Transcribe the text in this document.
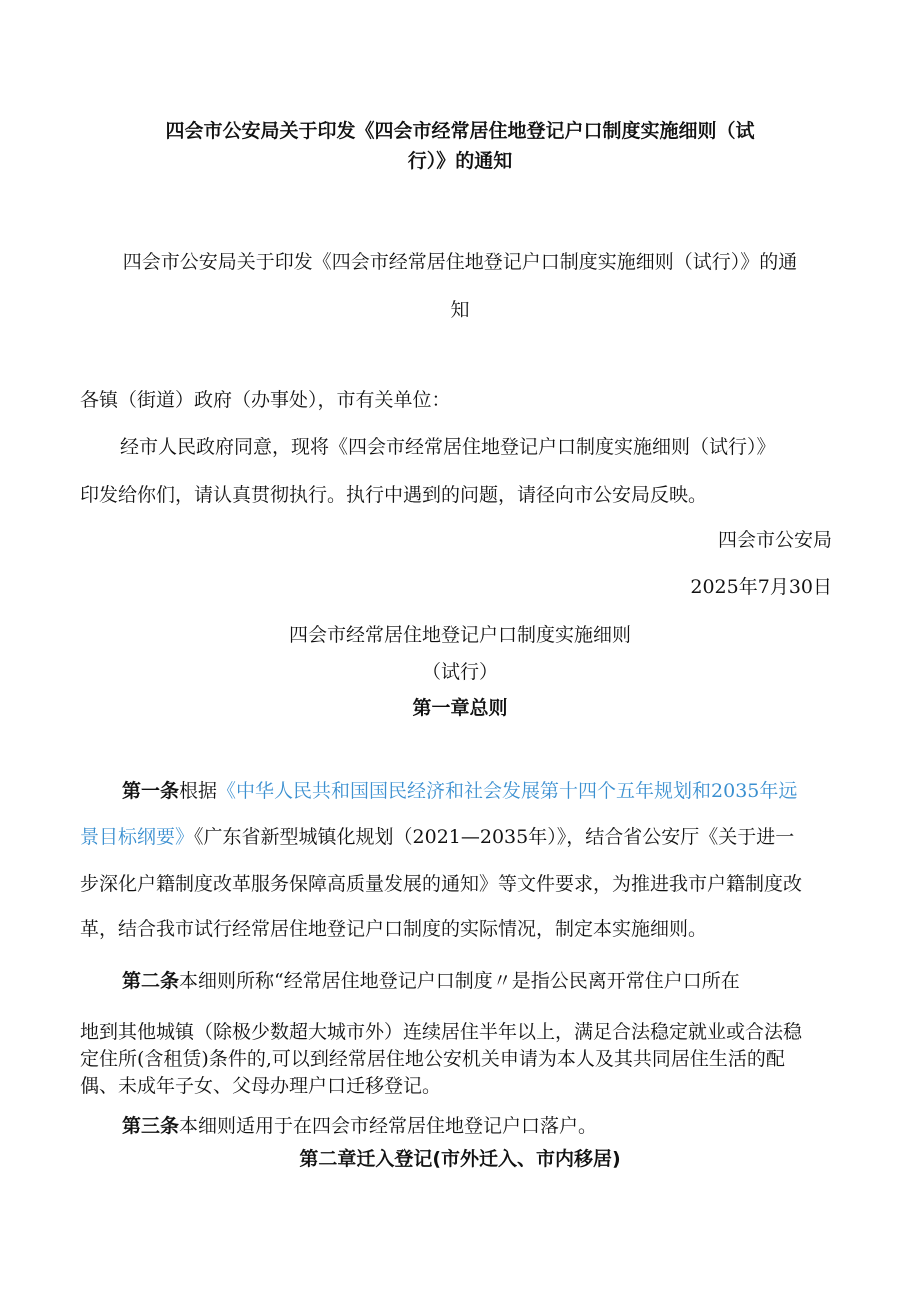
四会市公安局关于印发《四会市经常居住地登记户口制度实施细则（试
行）》的通知
四会市公安局关于印发《四会市经常居住地登记户口制度实施细则（试行）》的通
知
各镇（街道）政府（办事处），市有关单位：
经市人民政府同意，现将《四会市经常居住地登记户口制度实施细则（试行）》
印发给你们，请认真贯彻执行。执行中遇到的问题，请径向市公安局反映。
四会市公安局
2025年7月30日
四会市经常居住地登记户口制度实施细则
（试行）
第一章总则
第一条根据《中华人民共和国国民经济和社会发展第十四个五年规划和2035年远
景目标纲要》《广东省新型城镇化规划（2021—2035年）》，结合省公安厅《关于进一
步深化户籍制度改革服务保障高质量发展的通知》等文件要求，为推进我市户籍制度改
革，结合我市试行经常居住地登记户口制度的实际情况，制定本实施细则。
第二条本细则所称“经常居住地登记户口制度〃是指公民离开常住户口所在
地到其他城镇（除极少数超大城市外）连续居住半年以上，满足合法稳定就业或合法稳
定住所(含租赁)条件的,可以到经常居住地公安机关申请为本人及其共同居住生活的配
偶、未成年子女、父母办理户口迁移登记。
第三条本细则适用于在四会市经常居住地登记户口落户。
第二章迁入登记(市外迁入、市内移居)
